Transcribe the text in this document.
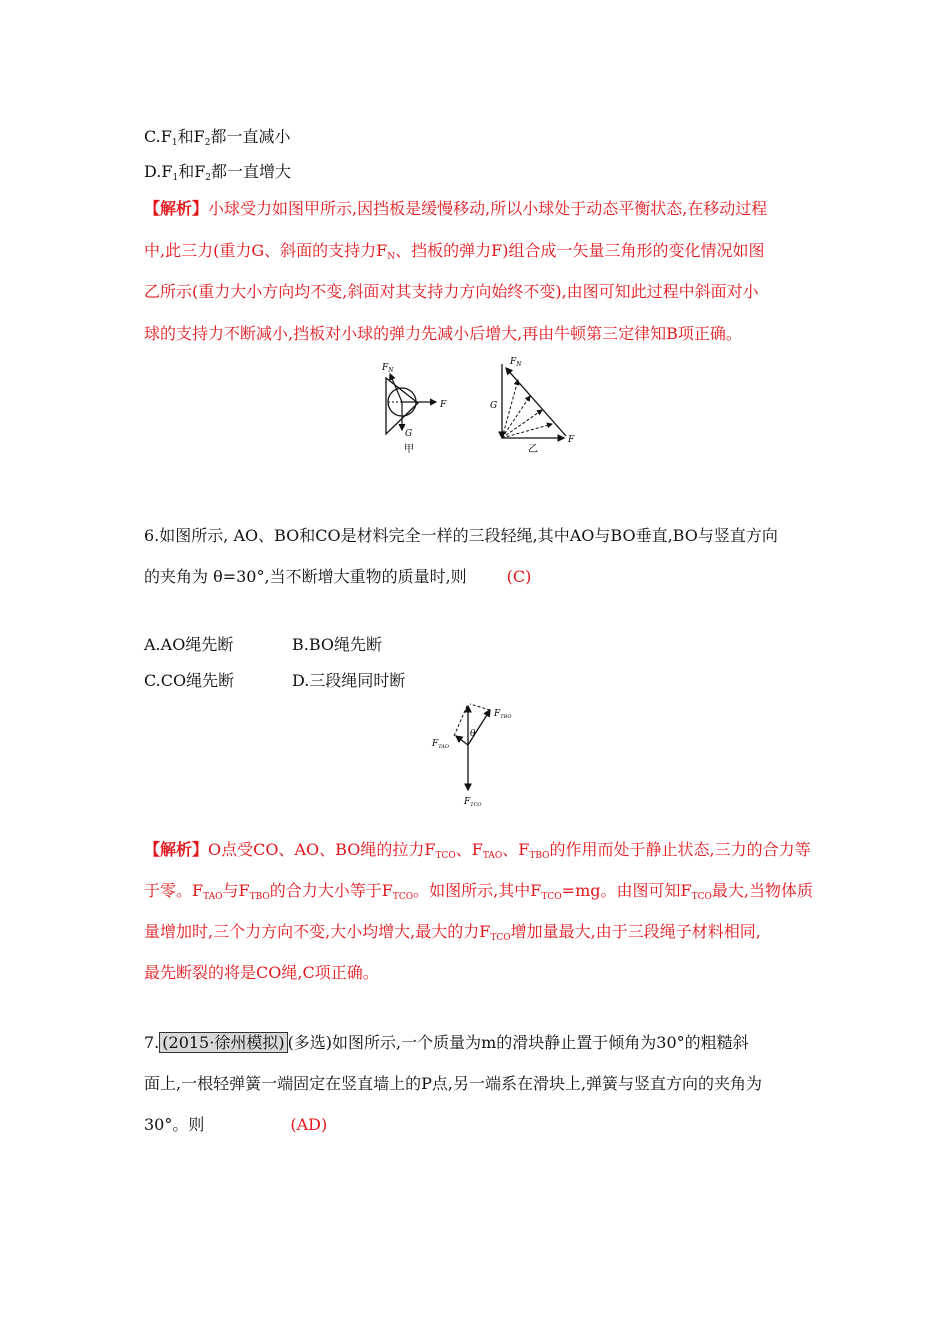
$C.F_1$和$F_2$都一直减小
$D.F_1$和$F_2$都一直增大
【解析】小球受力如图甲所示,因挡板是缓慢移动,所以小球处于动态平衡状态,在移动过程
中,此三力(重力G、斜面的支持力$F_N$、挡板的弹力F)组合成一矢量三角形的变化情况如图
乙所示(重力大小方向均不变,斜面对其支持力方向始终不变),由图可知此过程中斜面对小
球的支持力不断减小,挡板对小球的弹力先减小后增大,再由牛顿第三定律知B项正确。
$F_N$
F
G
甲
$F_N$
G
F
乙
6.如图所示, AO、BO和CO是材料完全一样的三段轻绳,其中AO与BO垂直,BO与竖直方向
的夹角为 θ=30°,当不断增大重物的质量时,则	(C)
A.AO绳先断	B.BO绳先断
C.CO绳先断	D.三段绳同时断
θ
$F_{TBO}$
$F_{TAO}$
$F_{TCO}$
【解析】O点受CO、AO、BO绳的拉力$F_{TCO}$、$F_{TAO}$、$F_{TBO}$的作用而处于静止状态,三力的合力等
于零。$F_{TAO}$与$F_{TBO}$的合力大小等于$F_{TCO}$。如图所示,其中$F_{TCO}=mg$。由图可知$F_{TCO}$最大,当物体质
量增加时,三个力方向不变,大小均增大,最大的力$F_{TCO}$增加量最大,由于三段绳子材料相同,
最先断裂的将是CO绳,C项正确。
7. (2015·徐州模拟) (多选)如图所示,一个质量为m的滑块静止置于倾角为30°的粗糙斜
面上,一根轻弹簧一端固定在竖直墙上的P点,另一端系在滑块上,弹簧与竖直方向的夹角为
30°。则	(AD)
